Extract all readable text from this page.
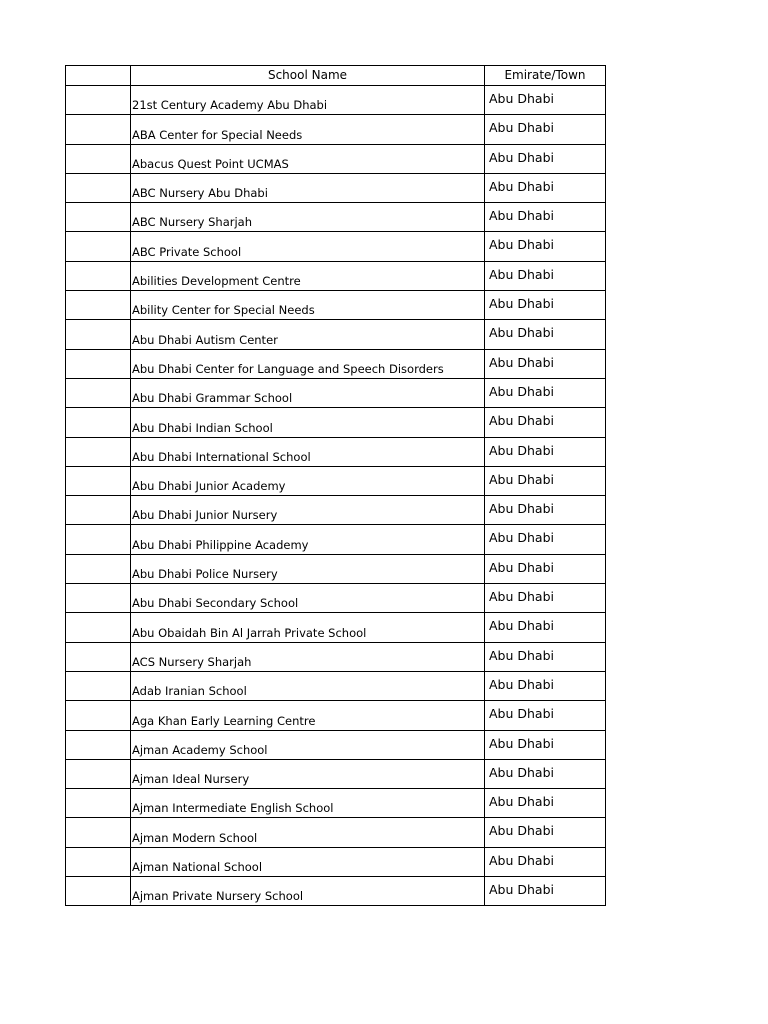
	School Name	Emirate/Town
	21st Century Academy Abu Dhabi	Abu Dhabi
	ABA Center for Special Needs	Abu Dhabi
	Abacus Quest Point UCMAS	Abu Dhabi
	ABC Nursery Abu Dhabi	Abu Dhabi
	ABC Nursery Sharjah	Abu Dhabi
	ABC Private School	Abu Dhabi
	Abilities Development Centre	Abu Dhabi
	Ability Center for Special Needs	Abu Dhabi
	Abu Dhabi Autism Center	Abu Dhabi
	Abu Dhabi Center for Language and Speech Disorders	Abu Dhabi
	Abu Dhabi Grammar School	Abu Dhabi
	Abu Dhabi Indian School	Abu Dhabi
	Abu Dhabi International School	Abu Dhabi
	Abu Dhabi Junior Academy	Abu Dhabi
	Abu Dhabi Junior Nursery	Abu Dhabi
	Abu Dhabi Philippine Academy	Abu Dhabi
	Abu Dhabi Police Nursery	Abu Dhabi
	Abu Dhabi Secondary School	Abu Dhabi
	Abu Obaidah Bin Al Jarrah Private School	Abu Dhabi
	ACS Nursery Sharjah	Abu Dhabi
	Adab Iranian School	Abu Dhabi
	Aga Khan Early Learning Centre	Abu Dhabi
	Ajman Academy School	Abu Dhabi
	Ajman Ideal Nursery	Abu Dhabi
	Ajman Intermediate English School	Abu Dhabi
	Ajman Modern School	Abu Dhabi
	Ajman National School	Abu Dhabi
	Ajman Private Nursery School	Abu Dhabi
